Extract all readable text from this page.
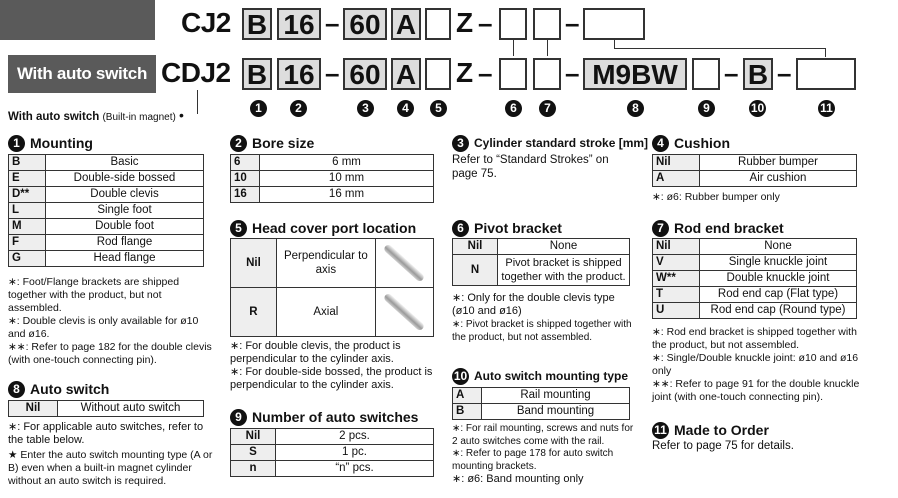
With auto switch
CJ2 B 16 – 60 A Z –	–
CDJ2 B 16 – 60 A Z –	– M9BW	– B –
With auto switch (Built-in magnet) •	1	2	3	4	5	6	7	8	9	10	11
1 Mounting
B	Basic
E	Double-side bossed
D**	Double clevis
L	Single foot
M	Double foot
F	Rod flange
G	Head flange

∗: Foot/Flange brackets are shipped together with the product, but not assembled.

∗: Double clevis is only available for ø10 and ø16.

∗∗: Refer to page 182 for the double clevis (with one-touch connecting pin).

2 Bore size
6	6 mm
10	10 mm
16	16 mm
3 Cylinder standard stroke [mm]
Refer to “Standard Strokes” on page 75.
4 Cushion
Nil	Rubber bumper
A	Air cushion

∗: ø6: Rubber bumper only

5 Head cover port location
Nil	Perpendicular to axis	

R	Axial	

∗: For double clevis, the product is perpendicular to the cylinder axis.

∗: For double-side bossed, the product is perpendicular to the cylinder axis.

6 Pivot bracket
Nil	None
N	Pivot bracket is shipped together with the product.

∗: Only for the double clevis type (ø10 and ø16)

∗: Pivot bracket is shipped together with the product, but not assembled.

7 Rod end bracket
Nil	None
V	Single knuckle joint
W**	Double knuckle joint
T	Rod end cap (Flat type)
U	Rod end cap (Round type)

∗: Rod end bracket is shipped together with the product, but not assembled.

∗: Single/Double knuckle joint: ø10 and ø16 only

∗∗: Refer to page 91 for the double knuckle joint (with one-touch connecting pin).

8 Auto switch
Nil	Without auto switch

∗: For applicable auto switches, refer to the table below.

★ Enter the auto switch mounting type (A or B) even when a built-in magnet cylinder without an auto switch is required.

9 Number of auto switches
Nil	2 pcs.
S	1 pc.
n	“n” pcs.
10 Auto switch mounting type
A	Rail mounting
B	Band mounting

∗: For rail mounting, screws and nuts for 2 auto switches come with the rail.

∗: Refer to page 178 for auto switch mounting brackets.

∗: ø6: Band mounting only

11 Made to Order
Refer to page 75 for details.
